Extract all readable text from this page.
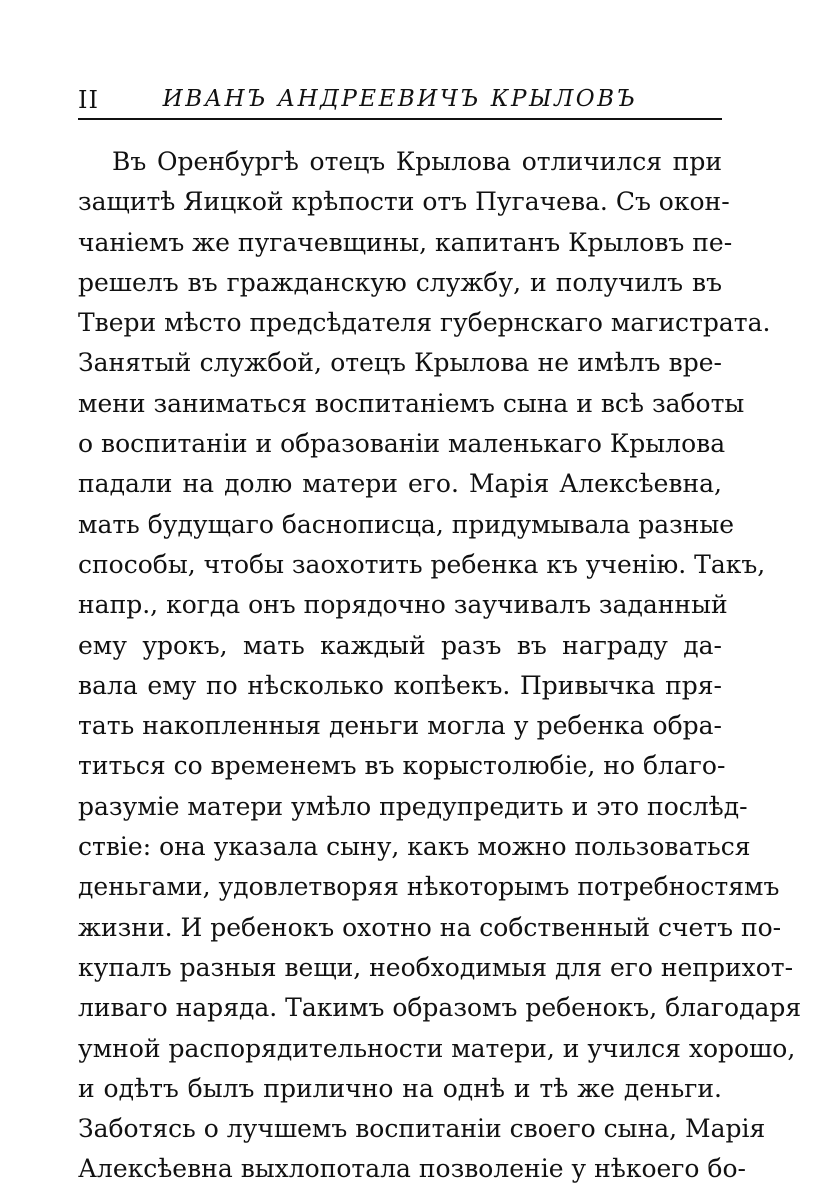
II	ИВАНЪ АНДРЕЕВИЧЪ КРЫЛОВЪ
Въ Оренбургѣ отецъ Крылова отличился при
защитѣ Яицкой крѣпости отъ Пугачева. Съ окон-
чаніемъ же пугачевщины, капитанъ Крыловъ пе-
решелъ въ гражданскую службу, и получилъ въ
Твери мѣсто предсѣдателя губернскаго магистрата.
Занятый службой, отецъ Крылова не имѣлъ вре-
мени заниматься воспитаніемъ сына и всѣ заботы
о воспитаніи и образованіи маленькаго Крылова
падали на долю матери его. Марія Алексѣевна,
мать будущаго баснописца, придумывала разные
способы, чтобы заохотить ребенка къ ученію. Такъ,
напр., когда онъ порядочно заучивалъ заданный
ему урокъ, мать каждый разъ въ награду да-
вала ему по нѣсколько копѣекъ. Привычка пря-
тать накопленныя деньги могла у ребенка обра-
титься со временемъ въ корыстолюбіе, но благо-
разуміе матери умѣло предупредить и это послѣд-
ствіе: она указала сыну, какъ можно пользоваться
деньгами, удовлетворяя нѣкоторымъ потребностямъ
жизни. И ребенокъ охотно на собственный счетъ по-
купалъ разныя вещи, необходимыя для его неприхот-
ливаго наряда. Такимъ образомъ ребенокъ, благодаря
умной распорядительности матери, и учился хорошо,
и одѣтъ былъ прилично на однѣ и тѣ же деньги.
Заботясь о лучшемъ воспитаніи своего сына, Марія
Алексѣевна выхлопотала позволеніе у нѣкоего бо-
